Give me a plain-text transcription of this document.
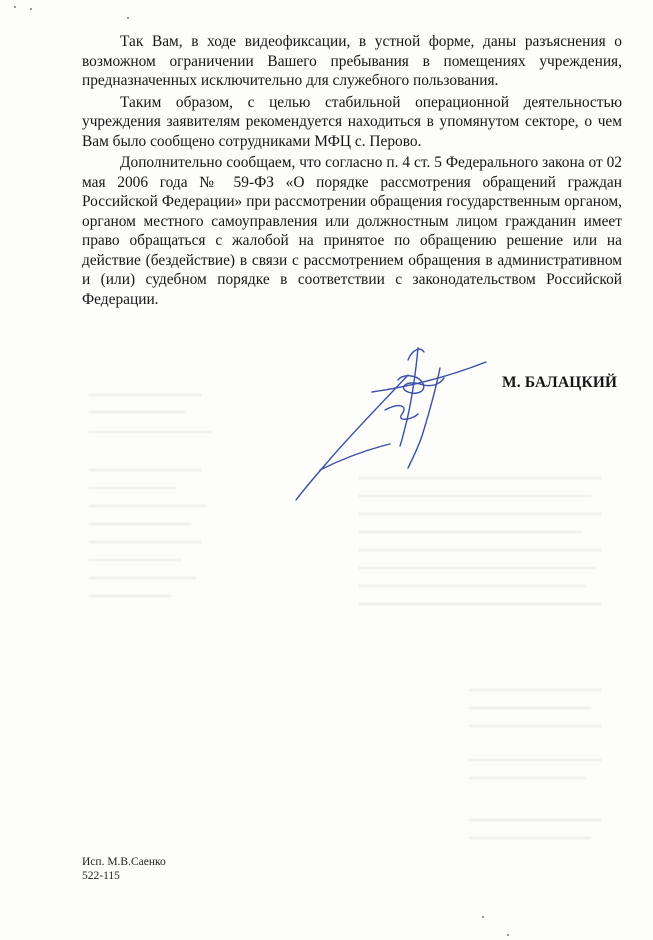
Так Вам, в ходе видеофиксации, в устной форме, даны разъяснения о возможном ограничении Вашего пребывания в помещениях учреждения, предназначенных исключительно для служебного пользования.

Таким образом, с целью стабильной операционной деятельностью учреждения заявителям рекомендуется находиться в упомянутом секторе, о чем Вам было сообщено сотрудниками МФЦ с. Перово.

Дополнительно сообщаем, что согласно п. 4 ст. 5 Федерального закона от 02 мая 2006 года № 59-ФЗ «О порядке рассмотрения обращений граждан Российской Федерации» при рассмотрении обращения государственным органом, органом местного самоуправления или должностным лицом гражданин имеет право обращаться с жалобой на принятое по обращению решение или на действие (бездействие) в связи с рассмотрением обращения в административном и (или) судебном порядке в соответствии с законодательством Российской Федерации.

М. БАЛАЦКИЙ
Исп. М.В.Саенко
522-115
